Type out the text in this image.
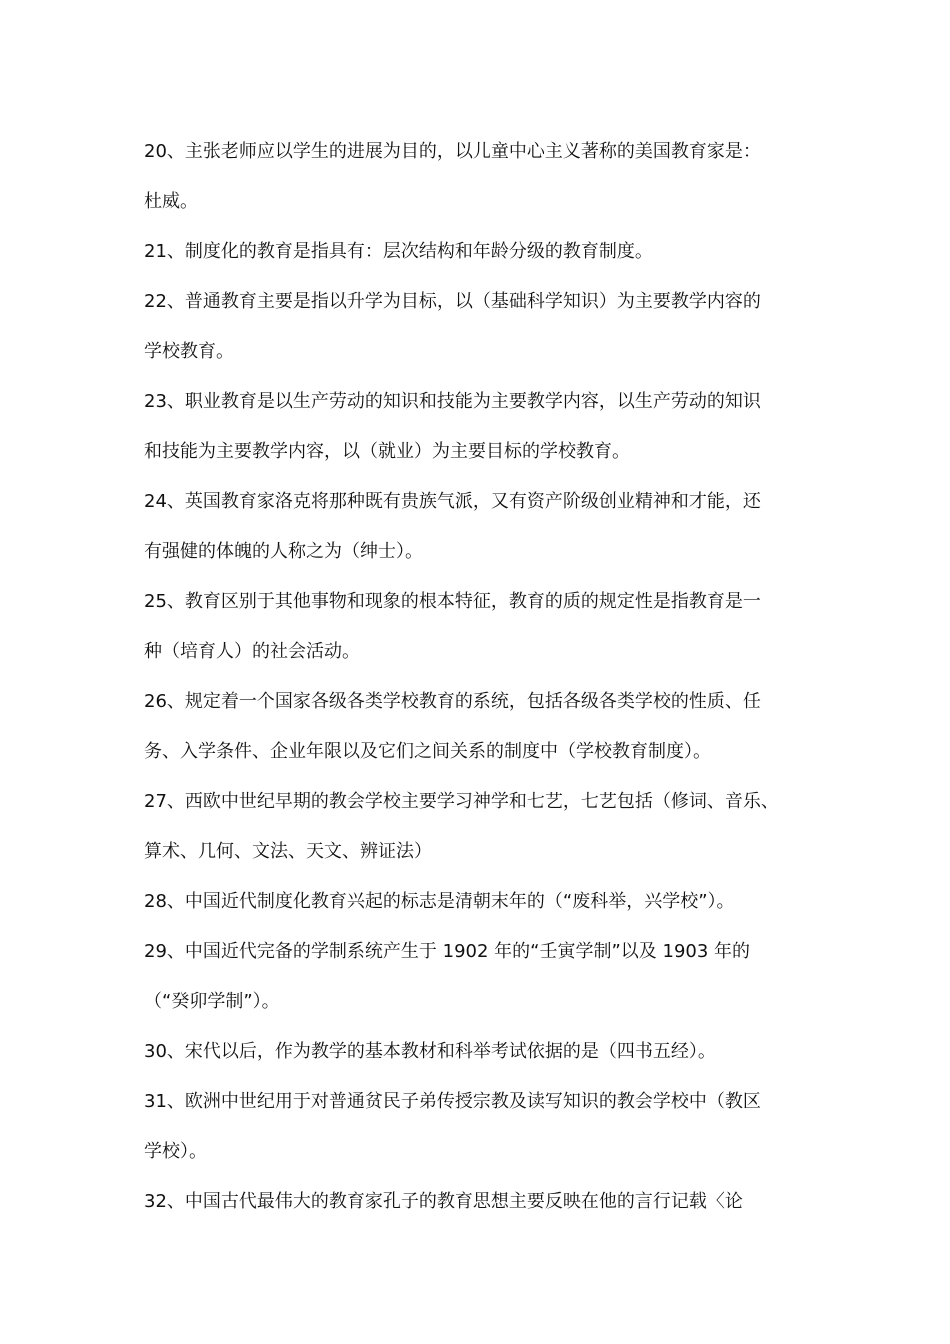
20、主张老师应以学生的进展为目的，以儿童中心主义著称的美国教育家是：
杜威。
21、制度化的教育是指具有：层次结构和年龄分级的教育制度。
22、普通教育主要是指以升学为目标，以（基础科学知识）为主要教学内容的
学校教育。
23、职业教育是以生产劳动的知识和技能为主要教学内容，以生产劳动的知识
和技能为主要教学内容，以（就业）为主要目标的学校教育。
24、英国教育家洛克将那种既有贵族气派，又有资产阶级创业精神和才能，还
有强健的体魄的人称之为（绅士）。
25、教育区别于其他事物和现象的根本特征，教育的质的规定性是指教育是一
种（培育人）的社会活动。
26、规定着一个国家各级各类学校教育的系统，包括各级各类学校的性质、任
务、入学条件、企业年限以及它们之间关系的制度中（学校教育制度）。
27、西欧中世纪早期的教会学校主要学习神学和七艺，七艺包括（修词、音乐、
算术、几何、文法、天文、辨证法）
28、中国近代制度化教育兴起的标志是清朝末年的（“废科举，兴学校”）。
29、中国近代完备的学制系统产生于 1902 年的“壬寅学制”以及 1903 年的
（“癸卯学制”）。
30、宋代以后，作为教学的基本教材和科举考试依据的是（四书五经）。
31、欧洲中世纪用于对普通贫民子弟传授宗教及读写知识的教会学校中（教区
学校）。
32、中国古代最伟大的教育家孔子的教育思想主要反映在他的言行记载〈论
